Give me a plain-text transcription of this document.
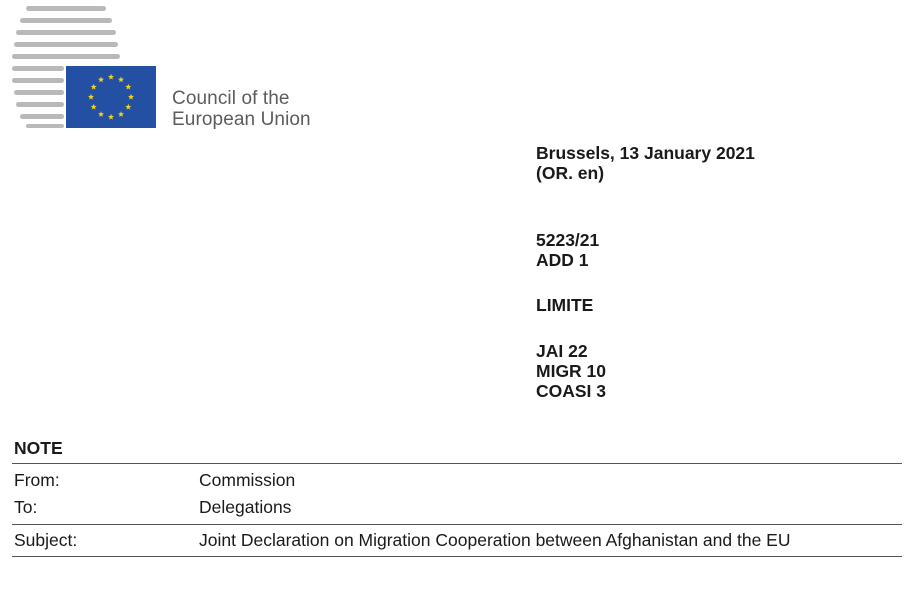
Council of the
European Union
Brussels, 13 January 2021
(OR. en)
5223/21
ADD 1
LIMITE
JAI 22
MIGR 10
COASI 3
NOTE
From:	Commission
To:	Delegations
Subject:	Joint Declaration on Migration Cooperation between Afghanistan and the EU
